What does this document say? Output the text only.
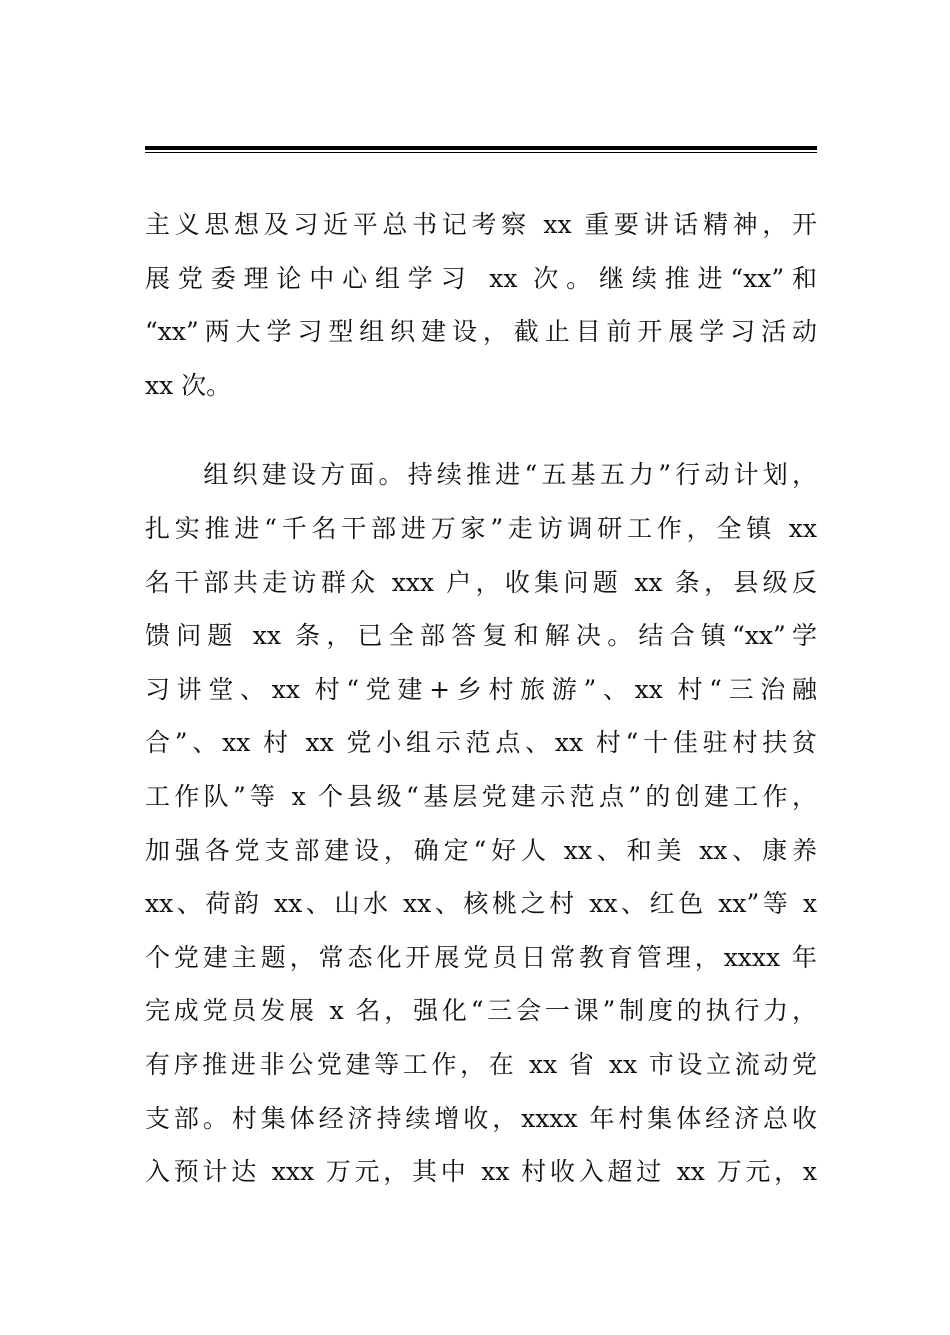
主义思想及习近平总书记考察 xx 重要讲话精神，开
展党委理论中心组学习 xx 次。继续推进“xx”和
“xx”两大学习型组织建设，截止目前开展学习活动
xx 次。
　　组织建设方面。持续推进“五基五力”行动计划，
扎实推进“千名干部进万家”走访调研工作，全镇 xx
名干部共走访群众 xxx 户，收集问题 xx 条，县级反
馈问题 xx 条，已全部答复和解决。结合镇“xx”学
习讲堂、xx 村“党建+乡村旅游”、xx 村“三治融
合”、xx 村 xx 党小组示范点、xx 村“十佳驻村扶贫
工作队”等 x 个县级“基层党建示范点”的创建工作，
加强各党支部建设，确定“好人 xx、和美 xx、康养
xx、荷韵 xx、山水 xx、核桃之村 xx、红色 xx”等 x
个党建主题，常态化开展党员日常教育管理，xxxx 年
完成党员发展 x 名，强化“三会一课”制度的执行力，
有序推进非公党建等工作，在 xx 省 xx 市设立流动党
支部。村集体经济持续增收，xxxx 年村集体经济总收
入预计达 xxx 万元，其中 xx 村收入超过 xx 万元，x
